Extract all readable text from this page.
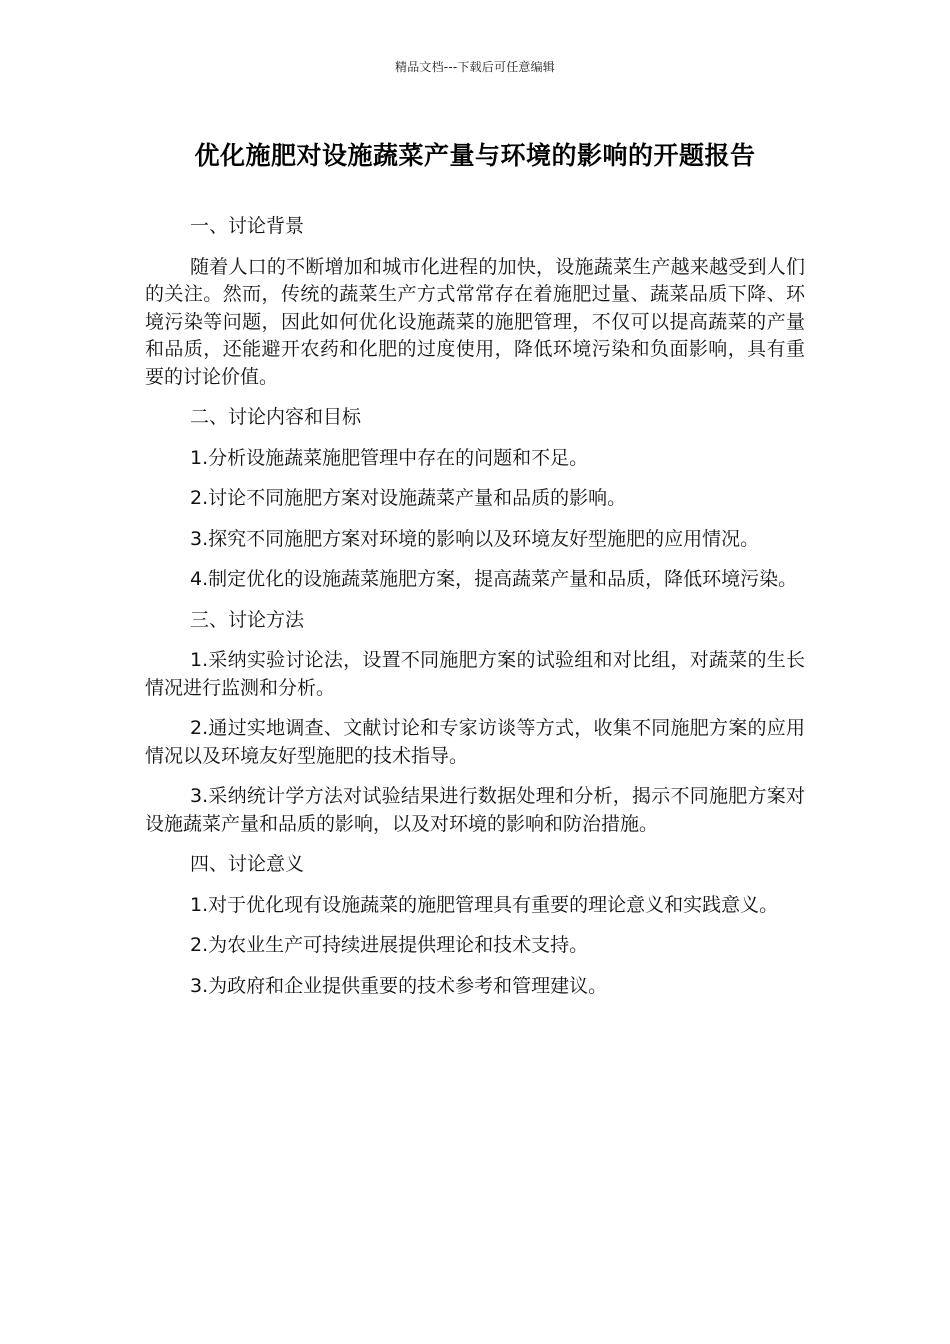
精品文档---下载后可任意编辑
优化施肥对设施蔬菜产量与环境的影响的开题报告

一、讨论背景

随着人口的不断增加和城市化进程的加快，设施蔬菜生产越来越受到人们的关注。然而，传统的蔬菜生产方式常常存在着施肥过量、蔬菜品质下降、环境污染等问题，因此如何优化设施蔬菜的施肥管理，不仅可以提高蔬菜的产量和品质，还能避开农药和化肥的过度使用，降低环境污染和负面影响，具有重要的讨论价值。

二、讨论内容和目标

1.分析设施蔬菜施肥管理中存在的问题和不足。

2.讨论不同施肥方案对设施蔬菜产量和品质的影响。

3.探究不同施肥方案对环境的影响以及环境友好型施肥的应用情况。

4.制定优化的设施蔬菜施肥方案，提高蔬菜产量和品质，降低环境污染。

三、讨论方法

1.采纳实验讨论法，设置不同施肥方案的试验组和对比组，对蔬菜的生长情况进行监测和分析。

2.通过实地调查、文献讨论和专家访谈等方式，收集不同施肥方案的应用情况以及环境友好型施肥的技术指导。

3.采纳统计学方法对试验结果进行数据处理和分析，揭示不同施肥方案对设施蔬菜产量和品质的影响，以及对环境的影响和防治措施。

四、讨论意义

1.对于优化现有设施蔬菜的施肥管理具有重要的理论意义和实践意义。

2.为农业生产可持续进展提供理论和技术支持。

3.为政府和企业提供重要的技术参考和管理建议。
